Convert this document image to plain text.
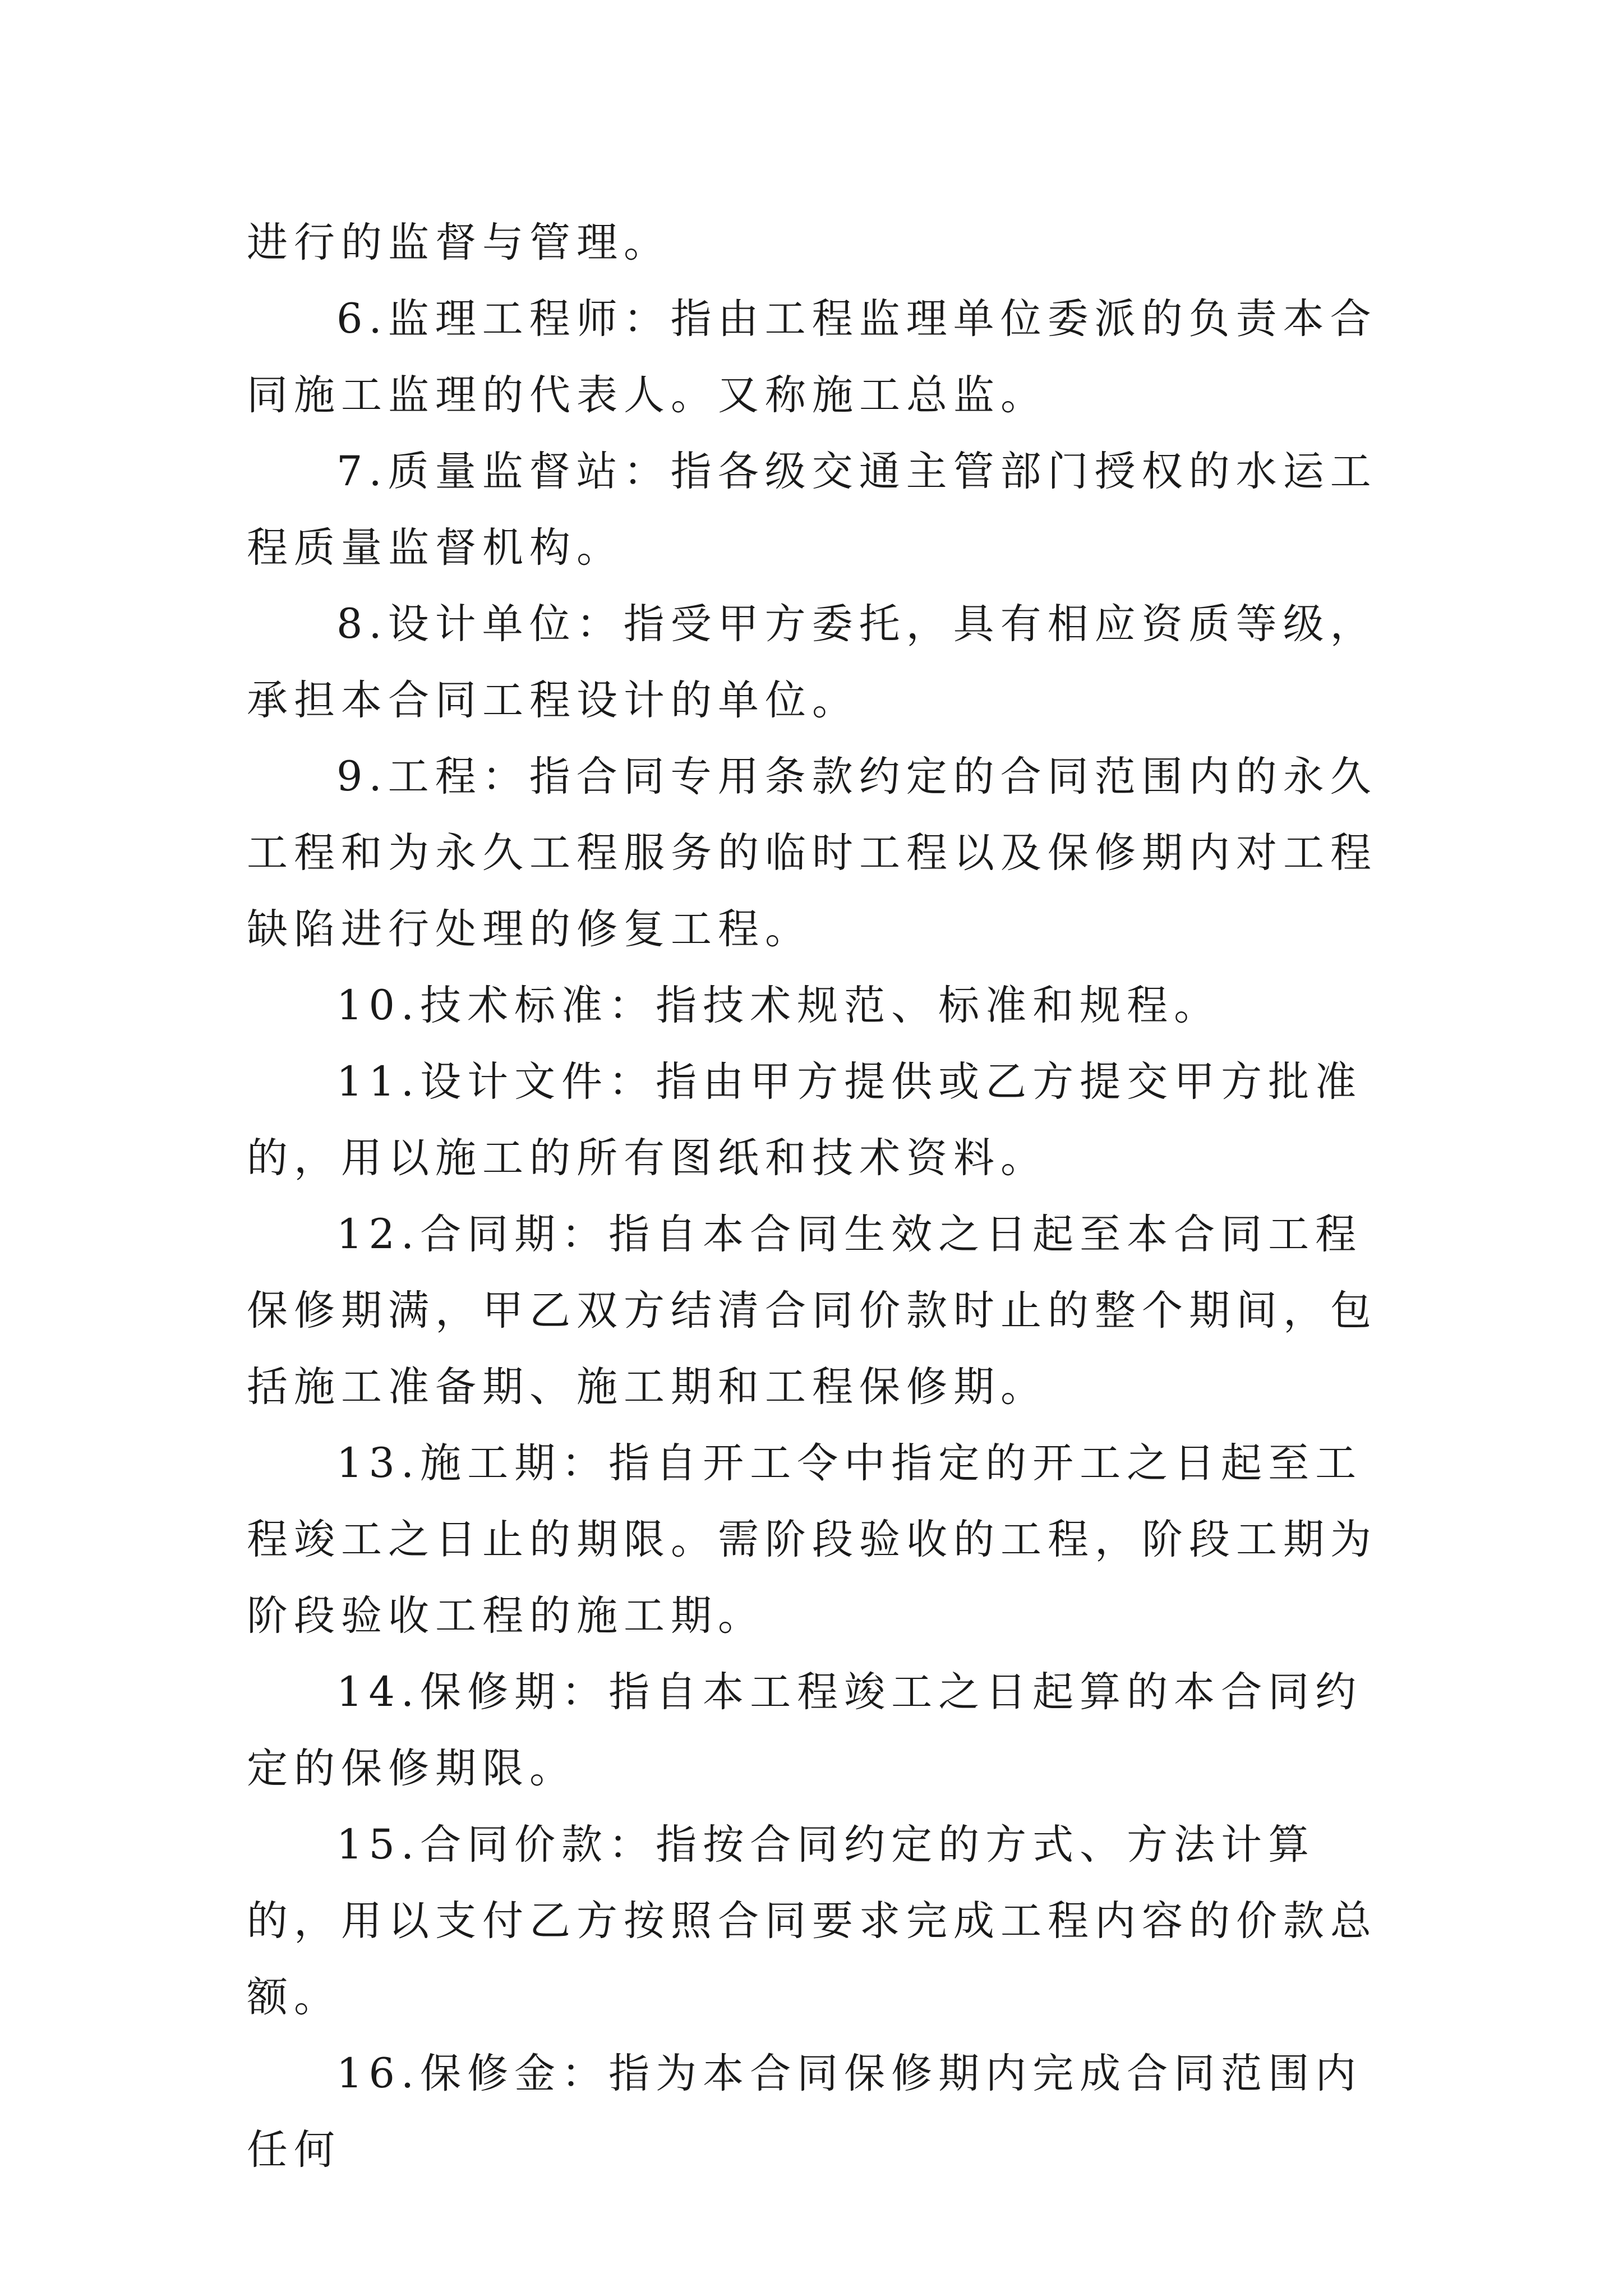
进行的监督与管理。

6.监理工程师：指由工程监理单位委派的负责本合同施工监理的代表人。又称施工总监。

7.质量监督站：指各级交通主管部门授权的水运工程质量监督机构。

8.设计单位：指受甲方委托，具有相应资质等级，承担本合同工程设计的单位。

9.工程：指合同专用条款约定的合同范围内的永久工程和为永久工程服务的临时工程以及保修期内对工程缺陷进行处理的修复工程。

10.技术标准：指技术规范、标准和规程。

11.设计文件：指由甲方提供或乙方提交甲方批准的，用以施工的所有图纸和技术资料。

12.合同期：指自本合同生效之日起至本合同工程保修期满，甲乙双方结清合同价款时止的整个期间，包括施工准备期、施工期和工程保修期。

13.施工期：指自开工令中指定的开工之日起至工程竣工之日止的期限。需阶段验收的工程，阶段工期为阶段验收工程的施工期。

14.保修期：指自本工程竣工之日起算的本合同约定的保修期限。

15.合同价款：指按合同约定的方式、方法计算的，用以支付乙方按照合同要求完成工程内容的价款总额。

16.保修金：指为本合同保修期内完成合同范围内任何
